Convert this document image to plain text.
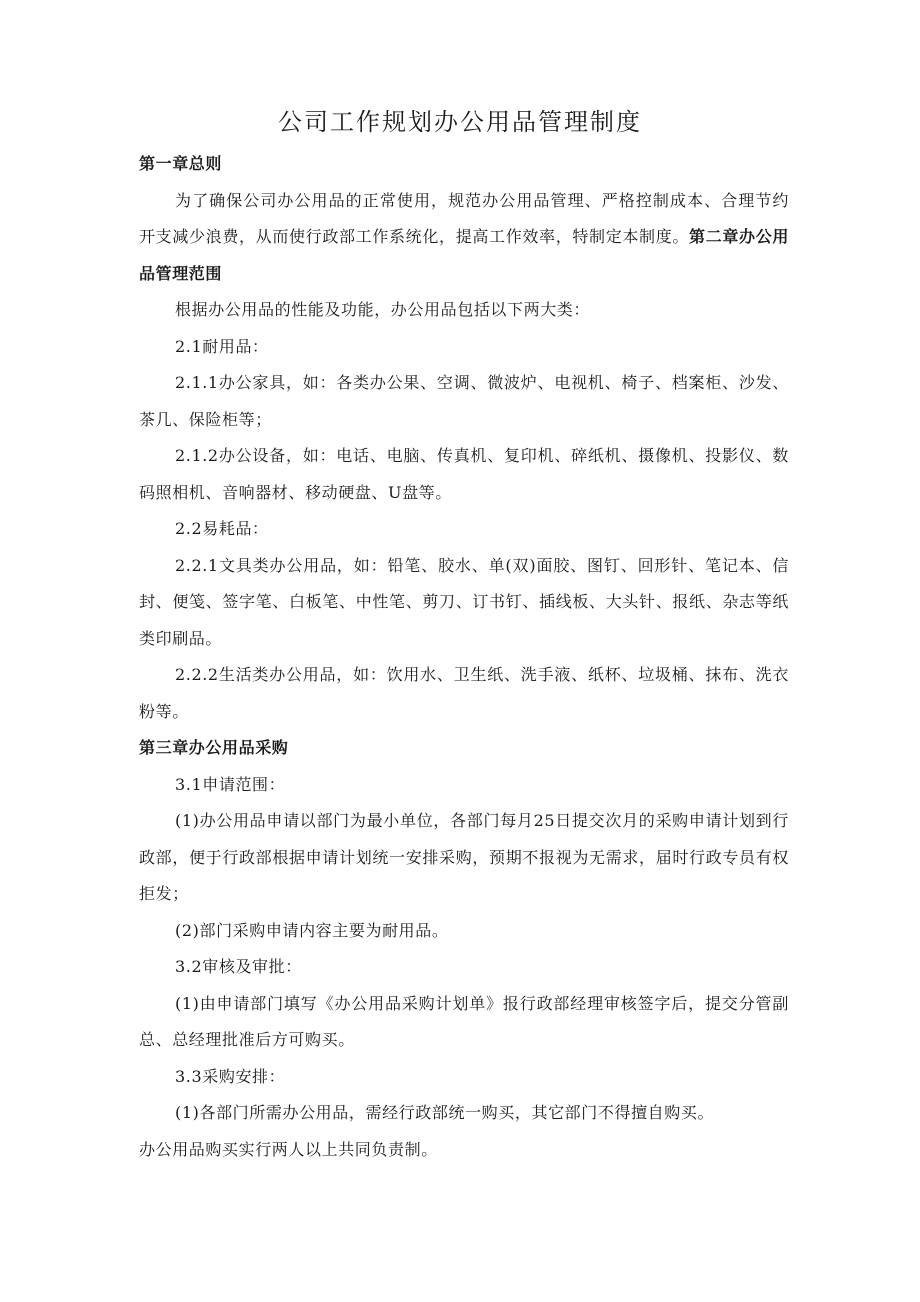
公司工作规划办公用品管理制度

第一章总则

为了确保公司办公用品的正常使用，规范办公用品管理、严格控制成本、合理节约开支减少浪费，从而使行政部工作系统化，提高工作效率，特制定本制度。第二章办公用品管理范围

根据办公用品的性能及功能，办公用品包括以下两大类：

2.1耐用品：

2.1.1办公家具，如：各类办公果、空调、微波炉、电视机、椅子、档案柜、沙发、茶几、保险柜等；

2.1.2办公设备，如：电话、电脑、传真机、复印机、碎纸机、摄像机、投影仪、数码照相机、音响器材、移动硬盘、U盘等。

2.2易耗品：

2.2.1文具类办公用品，如：铅笔、胶水、单(双)面胶、图钉、回形针、笔记本、信封、便笺、签字笔、白板笔、中性笔、剪刀、订书钉、插线板、大头针、报纸、杂志等纸类印刷品。

2.2.2生活类办公用品，如：饮用水、卫生纸、洗手液、纸杯、垃圾桶、抹布、洗衣粉等。

第三章办公用品采购

3.1申请范围：

(1)办公用品申请以部门为最小单位，各部门每月25日提交次月的采购申请计划到行政部，便于行政部根据申请计划统一安排采购，预期不报视为无需求，届时行政专员有权拒发；

(2)部门采购申请内容主要为耐用品。

3.2审核及审批：

(1)由申请部门填写《办公用品采购计划单》报行政部经理审核签字后，提交分管副总、总经理批准后方可购买。

3.3采购安排：

(1)各部门所需办公用品，需经行政部统一购买，其它部门不得擅自购买。

办公用品购买实行两人以上共同负责制。
